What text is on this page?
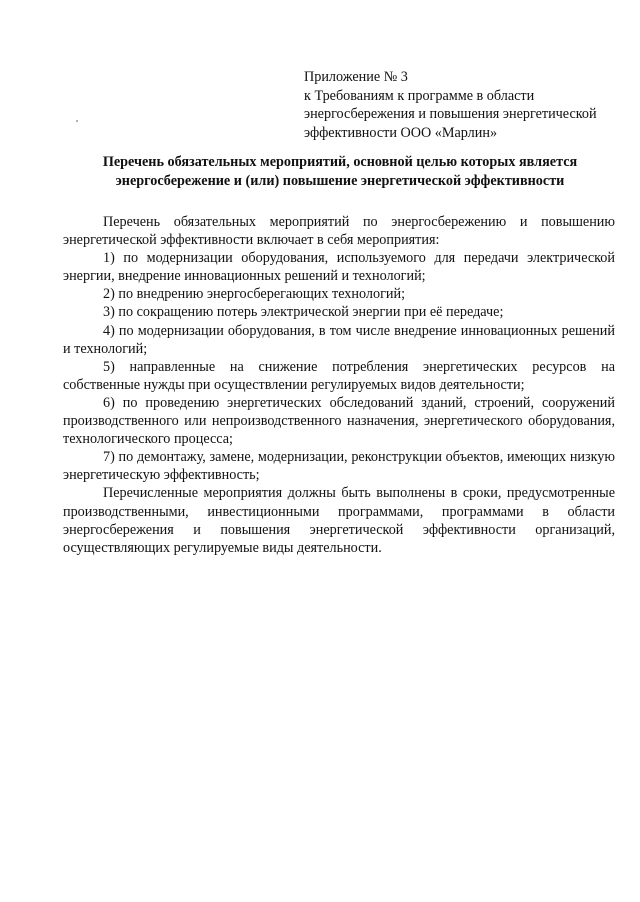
Приложение № 3
к Требованиям к программе в области
энергосбережения и повышения энергетической
эффективности ООО «Марлин»
Перечень обязательных мероприятий, основной целью которых является
энергосбережение и (или) повышение энергетической эффективности

Перечень обязательных мероприятий по энергосбережению и повышению энергетической эффективности включает в себя мероприятия:

1) по модернизации оборудования, используемого для передачи электрической энергии, внедрение инновационных решений и технологий;

2) по внедрению энергосберегающих технологий;

3) по сокращению потерь электрической энергии при её передаче;

4) по модернизации оборудования, в том числе внедрение инновационных решений и технологий;

5) направленные на снижение потребления энергетических ресурсов на собственные нужды при осуществлении регулируемых видов деятельности;

6) по проведению энергетических обследований зданий, строений, сооружений производственного или непроизводственного назначения, энергетического оборудования, технологического процесса;

7) по демонтажу, замене, модернизации, реконструкции объектов, имеющих низкую энергетическую эффективность;

Перечисленные мероприятия должны быть выполнены в сроки, предусмотренные производственными, инвестиционными программами, программами в области энергосбережения и повышения энергетической эффективности организаций, осуществляющих регулируемые виды деятельности.
